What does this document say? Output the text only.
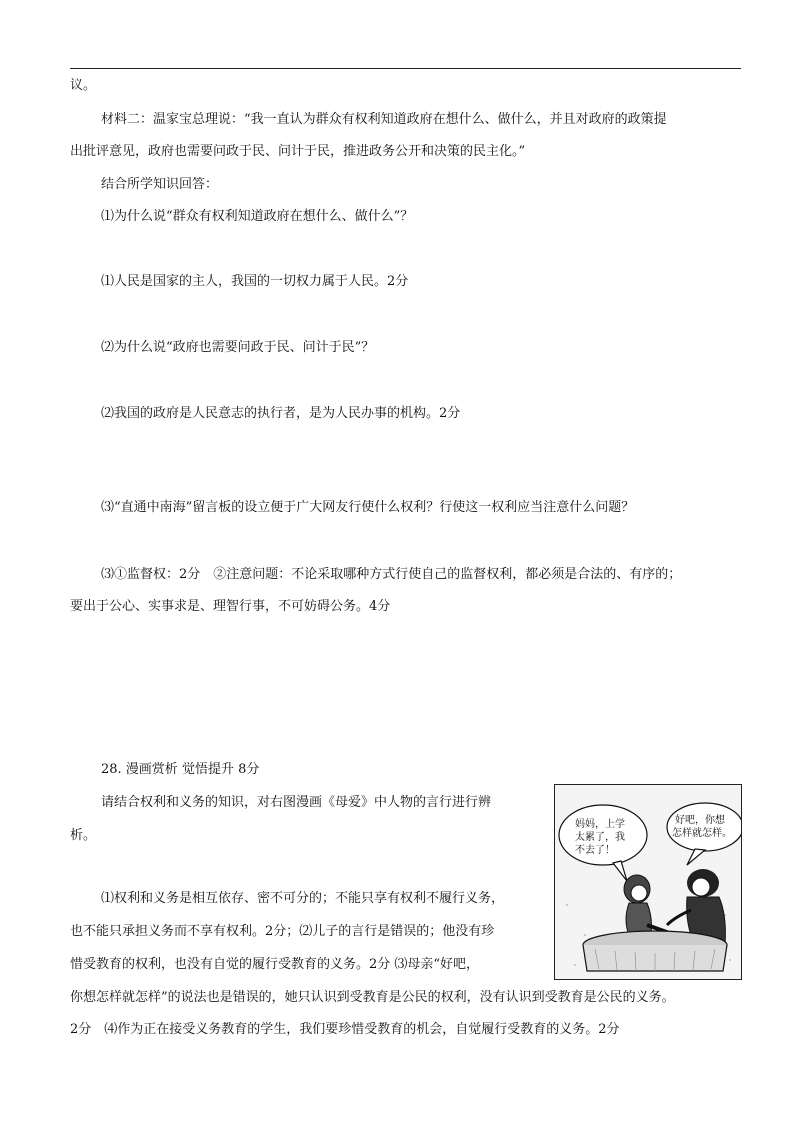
议。
材料二：温家宝总理说：“我一直认为群众有权利知道政府在想什么、做什么，并且对政府的政策提
出批评意见，政府也需要问政于民、问计于民，推进政务公开和决策的民主化。”
结合所学知识回答：
⑴为什么说“群众有权利知道政府在想什么、做什么”？
⑴人民是国家的主人，我国的一切权力属于人民。2分
⑵为什么说“政府也需要问政于民、问计于民”？
⑵我国的政府是人民意志的执行者，是为人民办事的机构。2分
⑶“直通中南海”留言板的设立便于广大网友行使什么权利？行使这一权利应当注意什么问题？
⑶①监督权：2分　②注意问题：不论采取哪种方式行使自己的监督权利，都必须是合法的、有序的；
要出于公心、实事求是、理智行事，不可妨碍公务。4分
28. 漫画赏析 觉悟提升 8分
请结合权利和义务的知识，对右图漫画《母爱》中人物的言行进行辨
析。
⑴权利和义务是相互依存、密不可分的；不能只享有权利不履行义务，
也不能只承担义务而不享有权利。2分；⑵儿子的言行是错误的；他没有珍
惜受教育的权利，也没有自觉的履行受教育的义务。2分 ⑶母亲“好吧，
你想怎样就怎样”的说法也是错误的，她只认识到受教育是公民的权利，没有认识到受教育是公民的义务。
2分　⑷作为正在接受义务教育的学生，我们要珍惜受教育的机会，自觉履行受教育的义务。2分
妈妈，上学
太累了，我
不去了！
好吧，你想
怎样就怎样。
